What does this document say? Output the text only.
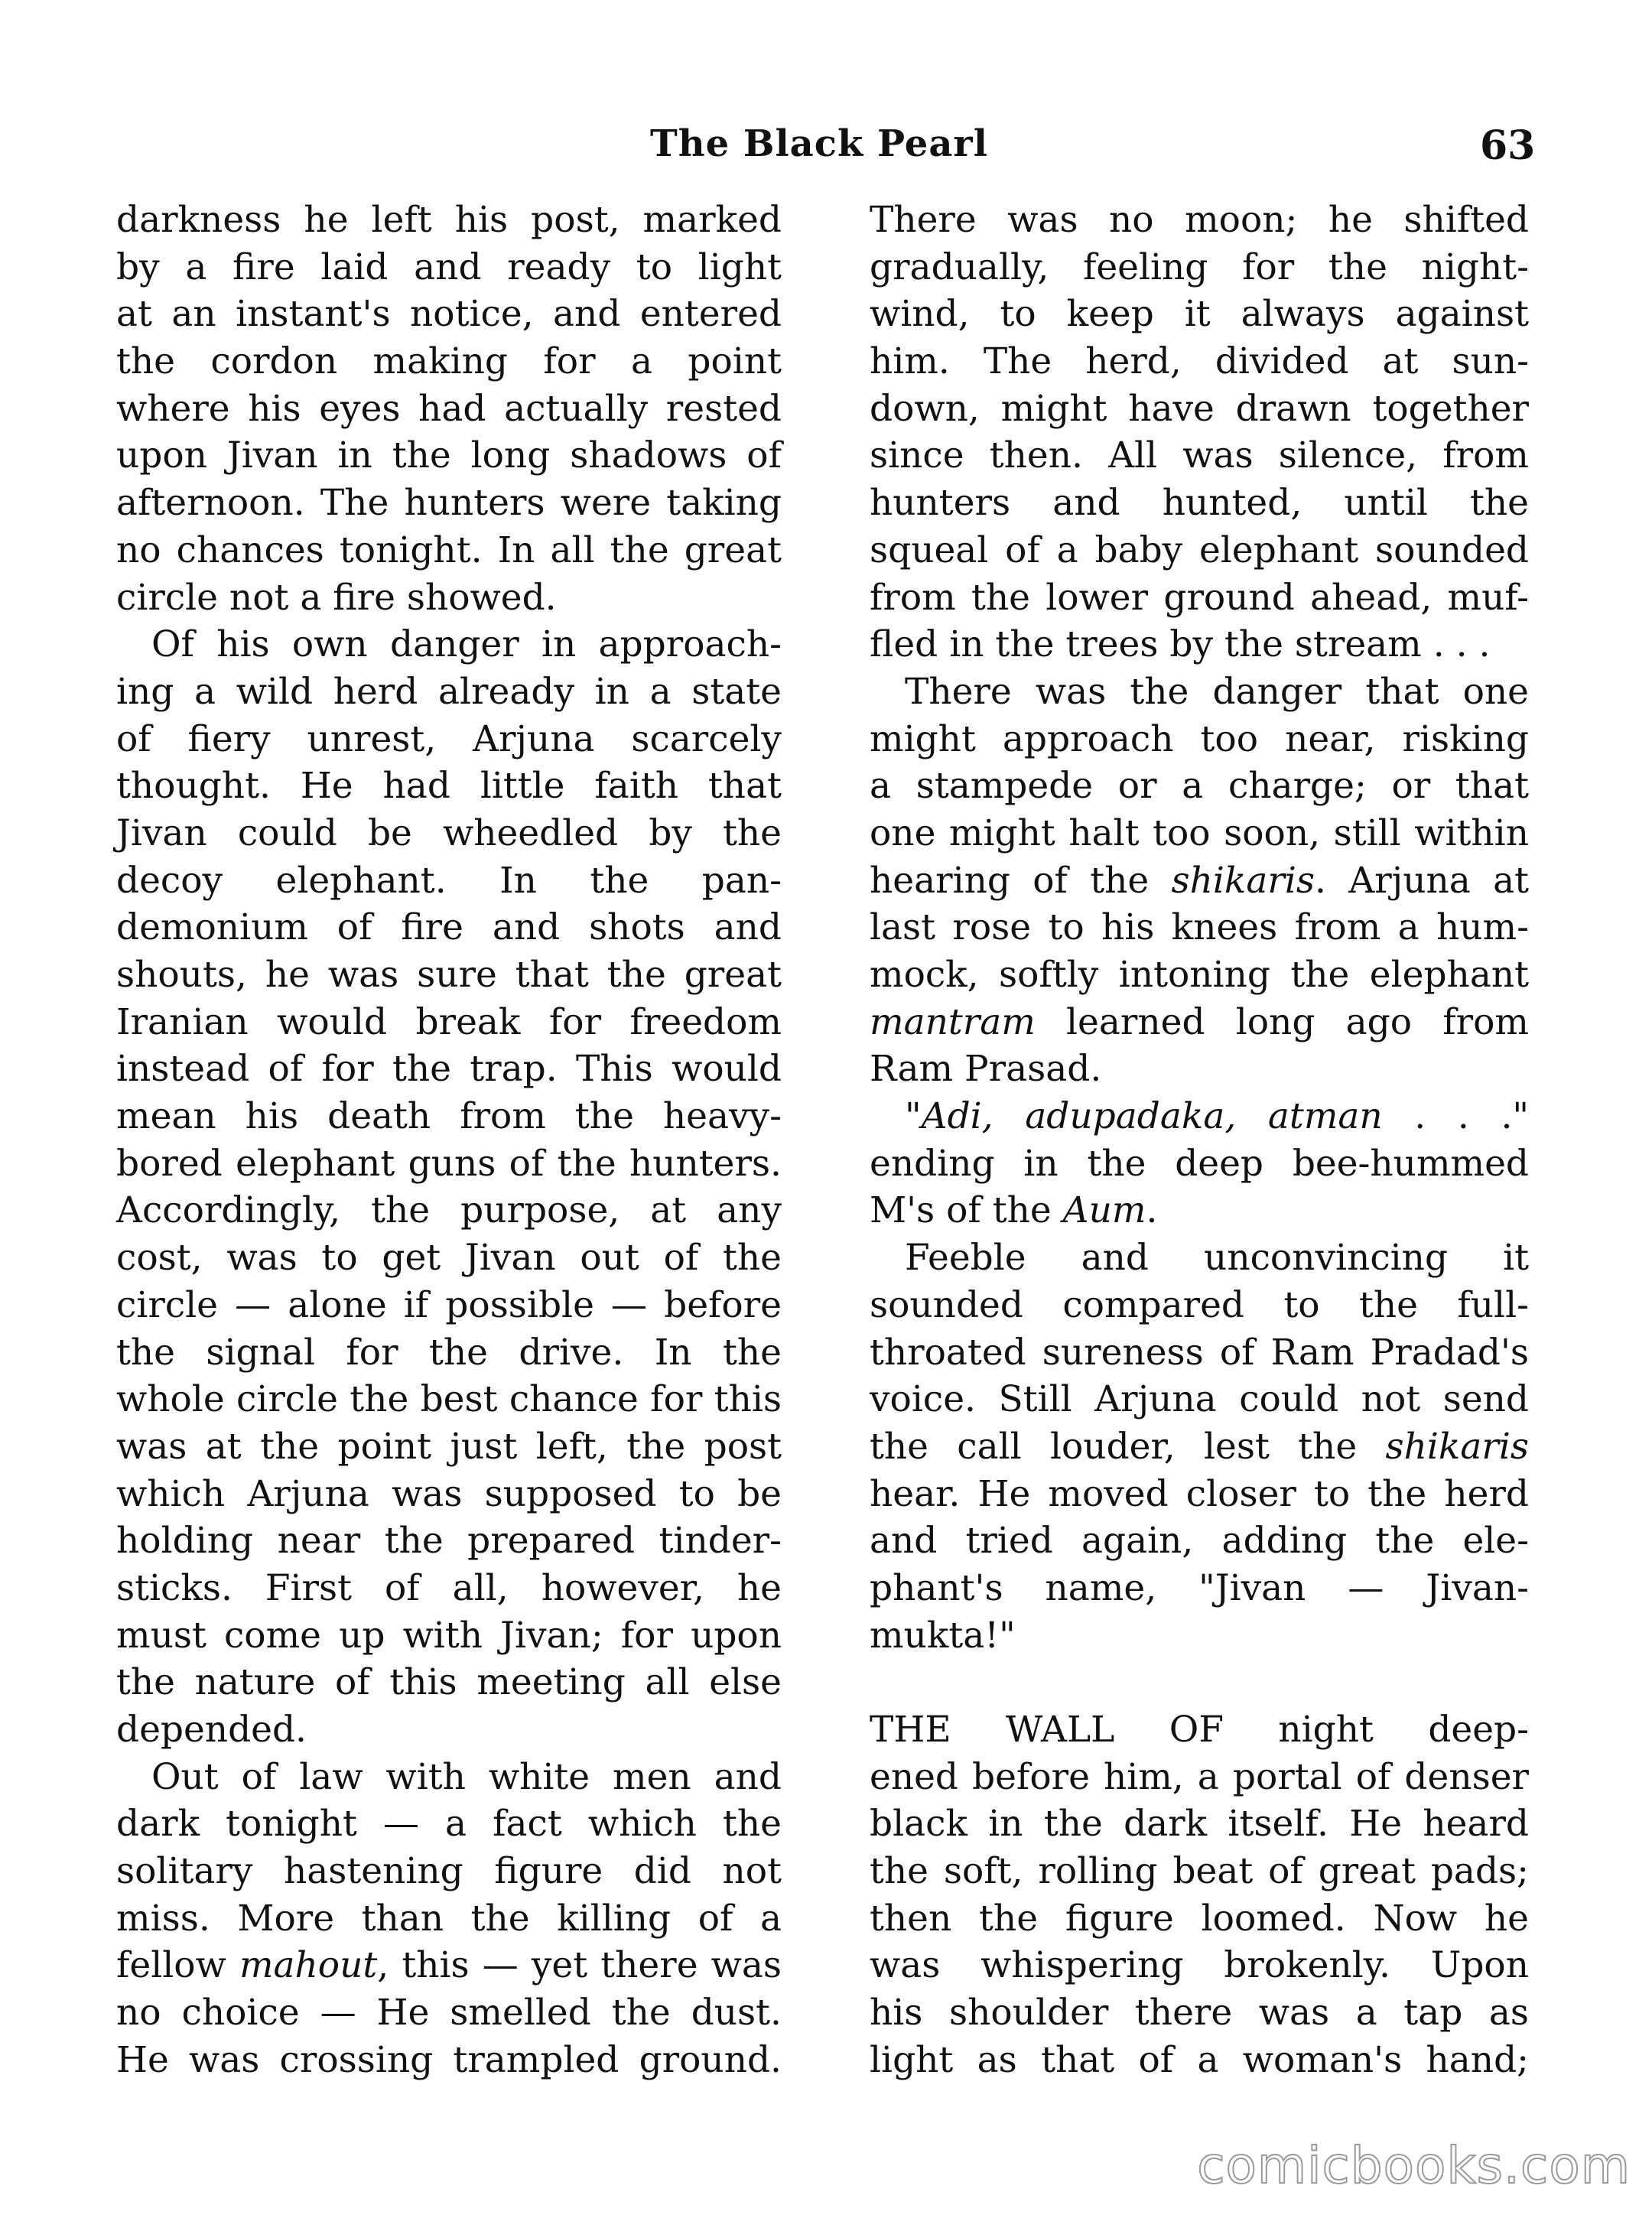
The Black Pearl	63
darkness he left his post, marked
by a fire laid and ready to light
at an instant's notice, and entered
the cordon making for a point
where his eyes had actually rested
upon Jivan in the long shadows of
afternoon. The hunters were taking
no chances tonight. In all the great
circle not a fire showed.
Of his own danger in approach-
ing a wild herd already in a state
of fiery unrest, Arjuna scarcely
thought. He had little faith that
Jivan could be wheedled by the
decoy elephant. In the pan-
demonium of fire and shots and
shouts, he was sure that the great
Iranian would break for freedom
instead of for the trap. This would
mean his death from the heavy-
bored elephant guns of the hunters.
Accordingly, the purpose, at any
cost, was to get Jivan out of the
circle — alone if possible — before
the signal for the drive. In the
whole circle the best chance for this
was at the point just left, the post
which Arjuna was supposed to be
holding near the prepared tinder-
sticks. First of all, however, he
must come up with Jivan; for upon
the nature of this meeting all else
depended.
Out of law with white men and
dark tonight — a fact which the
solitary hastening figure did not
miss. More than the killing of a
fellow mahout, this — yet there was
no choice — He smelled the dust.
He was crossing trampled ground.
There was no moon; he shifted
gradually, feeling for the night-
wind, to keep it always against
him. The herd, divided at sun-
down, might have drawn together
since then. All was silence, from
hunters and hunted, until the
squeal of a baby elephant sounded
from the lower ground ahead, muf-
fled in the trees by the stream . . .
There was the danger that one
might approach too near, risking
a stampede or a charge; or that
one might halt too soon, still within
hearing of the shikaris. Arjuna at
last rose to his knees from a hum-
mock, softly intoning the elephant
mantram learned long ago from
Ram Prasad.
"Adi, adupadaka, atman . . ."
ending in the deep bee-hummed
M's of the Aum.
Feeble and unconvincing it
sounded compared to the full-
throated sureness of Ram Pradad's
voice. Still Arjuna could not send
the call louder, lest the shikaris
hear. He moved closer to the herd
and tried again, adding the ele-
phant's name, "Jivan — Jivan-
mukta!"

THE WALL OF night deep-
ened before him, a portal of denser
black in the dark itself. He heard
the soft, rolling beat of great pads;
then the figure loomed. Now he
was whispering brokenly. Upon
his shoulder there was a tap as
light as that of a woman's hand;
comicbooks.com
